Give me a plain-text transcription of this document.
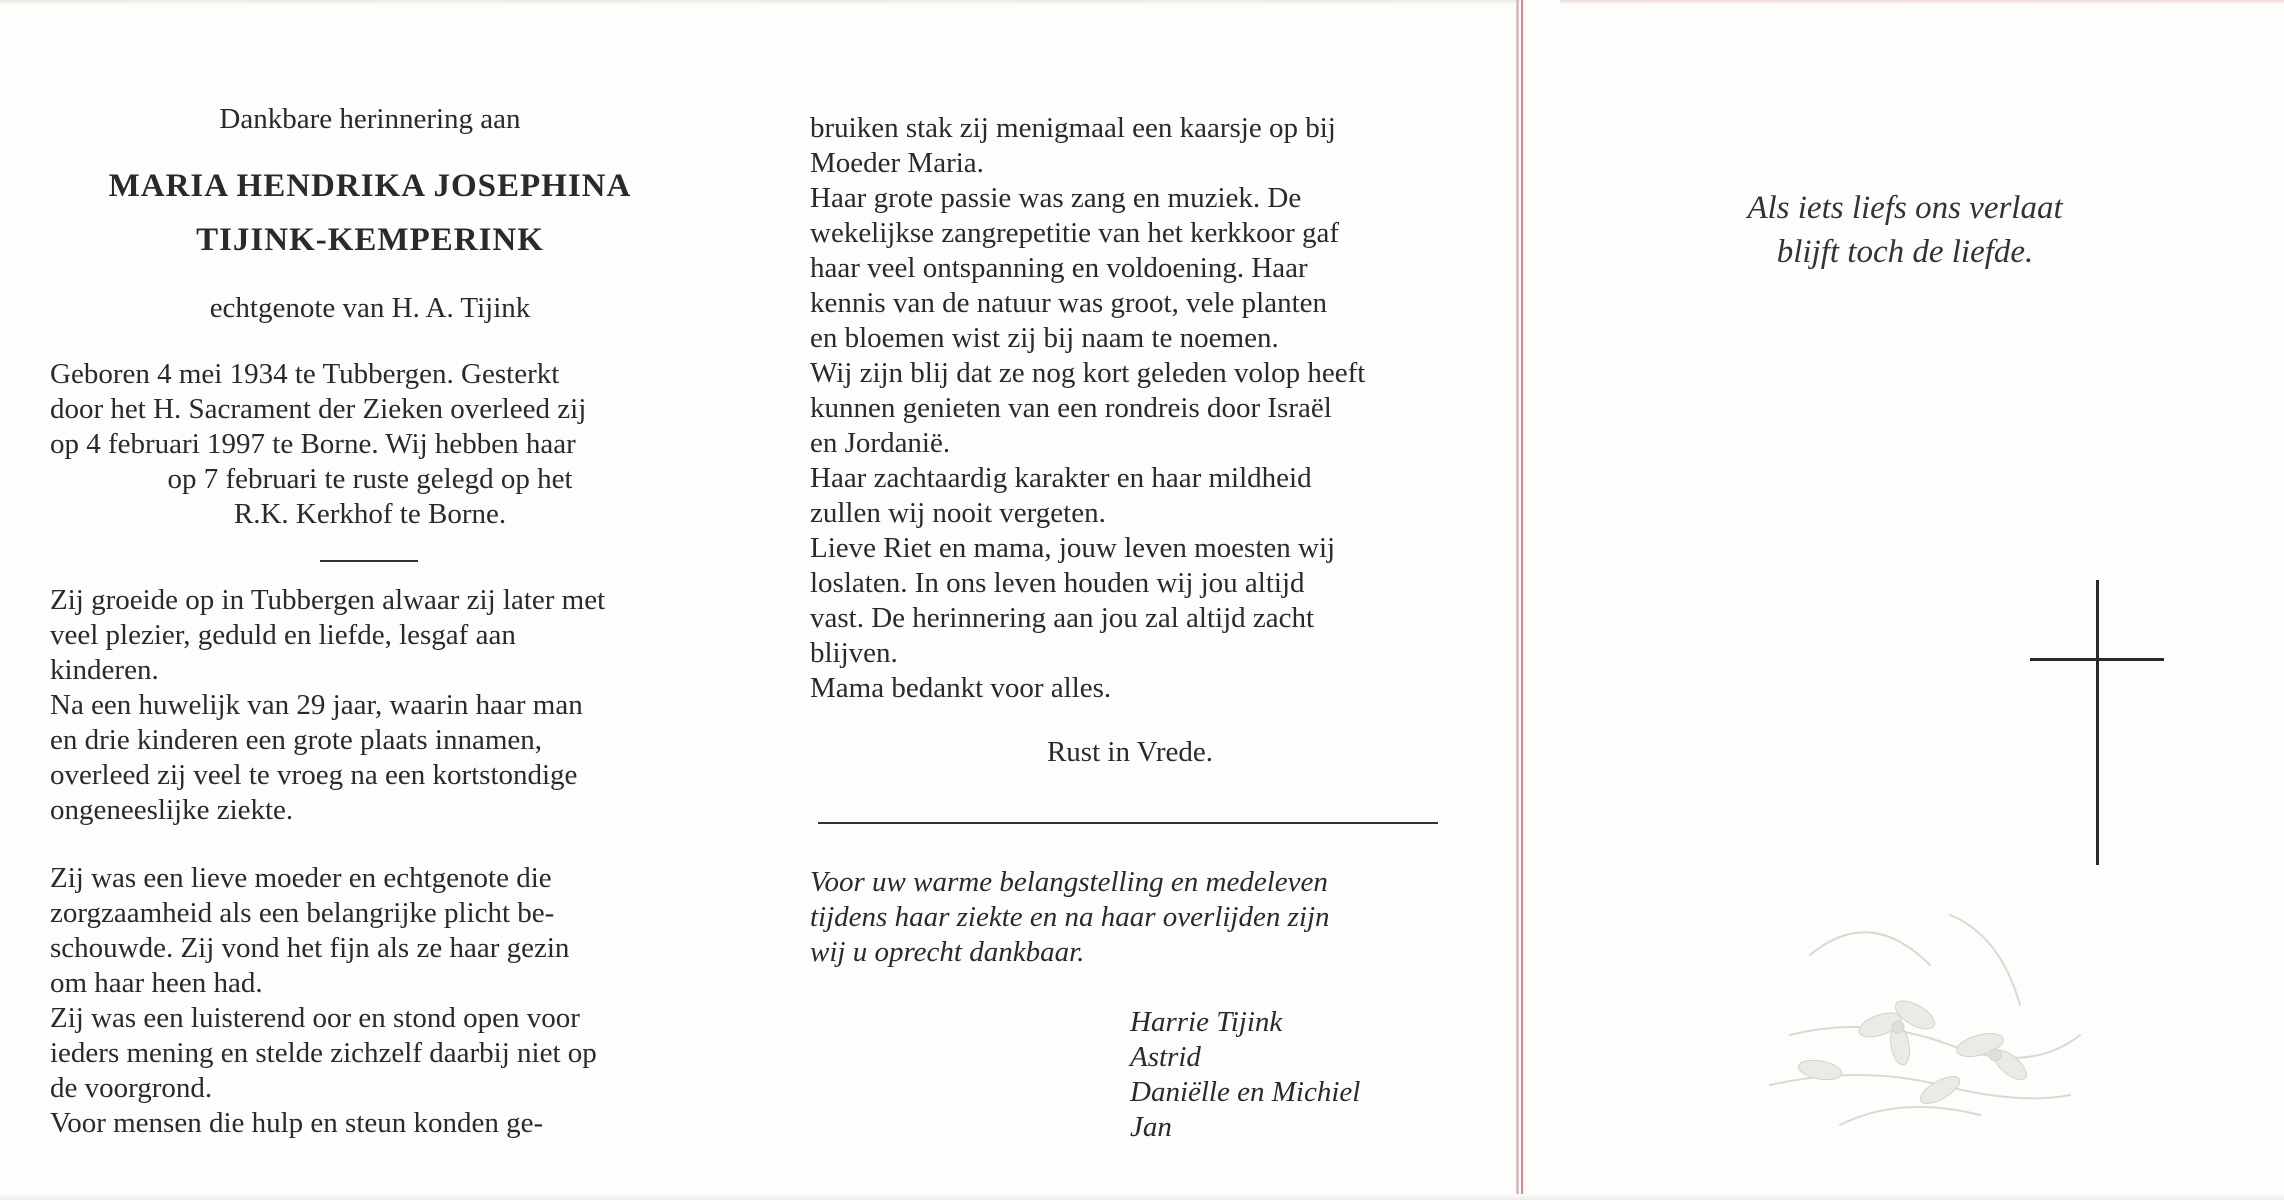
Dankbare herinnering aan
MARIA HENDRIKA JOSEPHINA
TIJINK-KEMPERINK
echtgenote van H. A. Tijink
Geboren 4 mei 1934 te Tubbergen. Gesterkt
door het H. Sacrament der Zieken overleed zij
op 4 februari 1997 te Borne. Wij hebben haar
op 7 februari te ruste gelegd op het
R.K. Kerkhof te Borne.
Zij groeide op in Tubbergen alwaar zij later met
veel plezier, geduld en liefde, lesgaf aan
kinderen.
Na een huwelijk van 29 jaar, waarin haar man
en drie kinderen een grote plaats innamen,
overleed zij veel te vroeg na een kortstondige
ongeneeslijke ziekte.
Zij was een lieve moeder en echtgenote die
zorgzaamheid als een belangrijke plicht be-
schouwde. Zij vond het fijn als ze haar gezin
om haar heen had.
Zij was een luisterend oor en stond open voor
ieders mening en stelde zichzelf daarbij niet op
de voorgrond.
Voor mensen die hulp en steun konden ge-
bruiken stak zij menigmaal een kaarsje op bij
Moeder Maria.
Haar grote passie was zang en muziek. De
wekelijkse zangrepetitie van het kerkkoor gaf
haar veel ontspanning en voldoening. Haar
kennis van de natuur was groot, vele planten
en bloemen wist zij bij naam te noemen.
Wij zijn blij dat ze nog kort geleden volop heeft
kunnen genieten van een rondreis door Israël
en Jordanië.
Haar zachtaardig karakter en haar mildheid
zullen wij nooit vergeten.
Lieve Riet en mama, jouw leven moesten wij
loslaten. In ons leven houden wij jou altijd
vast. De herinnering aan jou zal altijd zacht
blijven.
Mama bedankt voor alles.
Rust in Vrede.
Voor uw warme belangstelling en medeleven
tijdens haar ziekte en na haar overlijden zijn
wij u oprecht dankbaar.
Harrie Tijink
Astrid
Daniëlle en Michiel
Jan
Als iets liefs ons verlaat
blijft toch de liefde.
